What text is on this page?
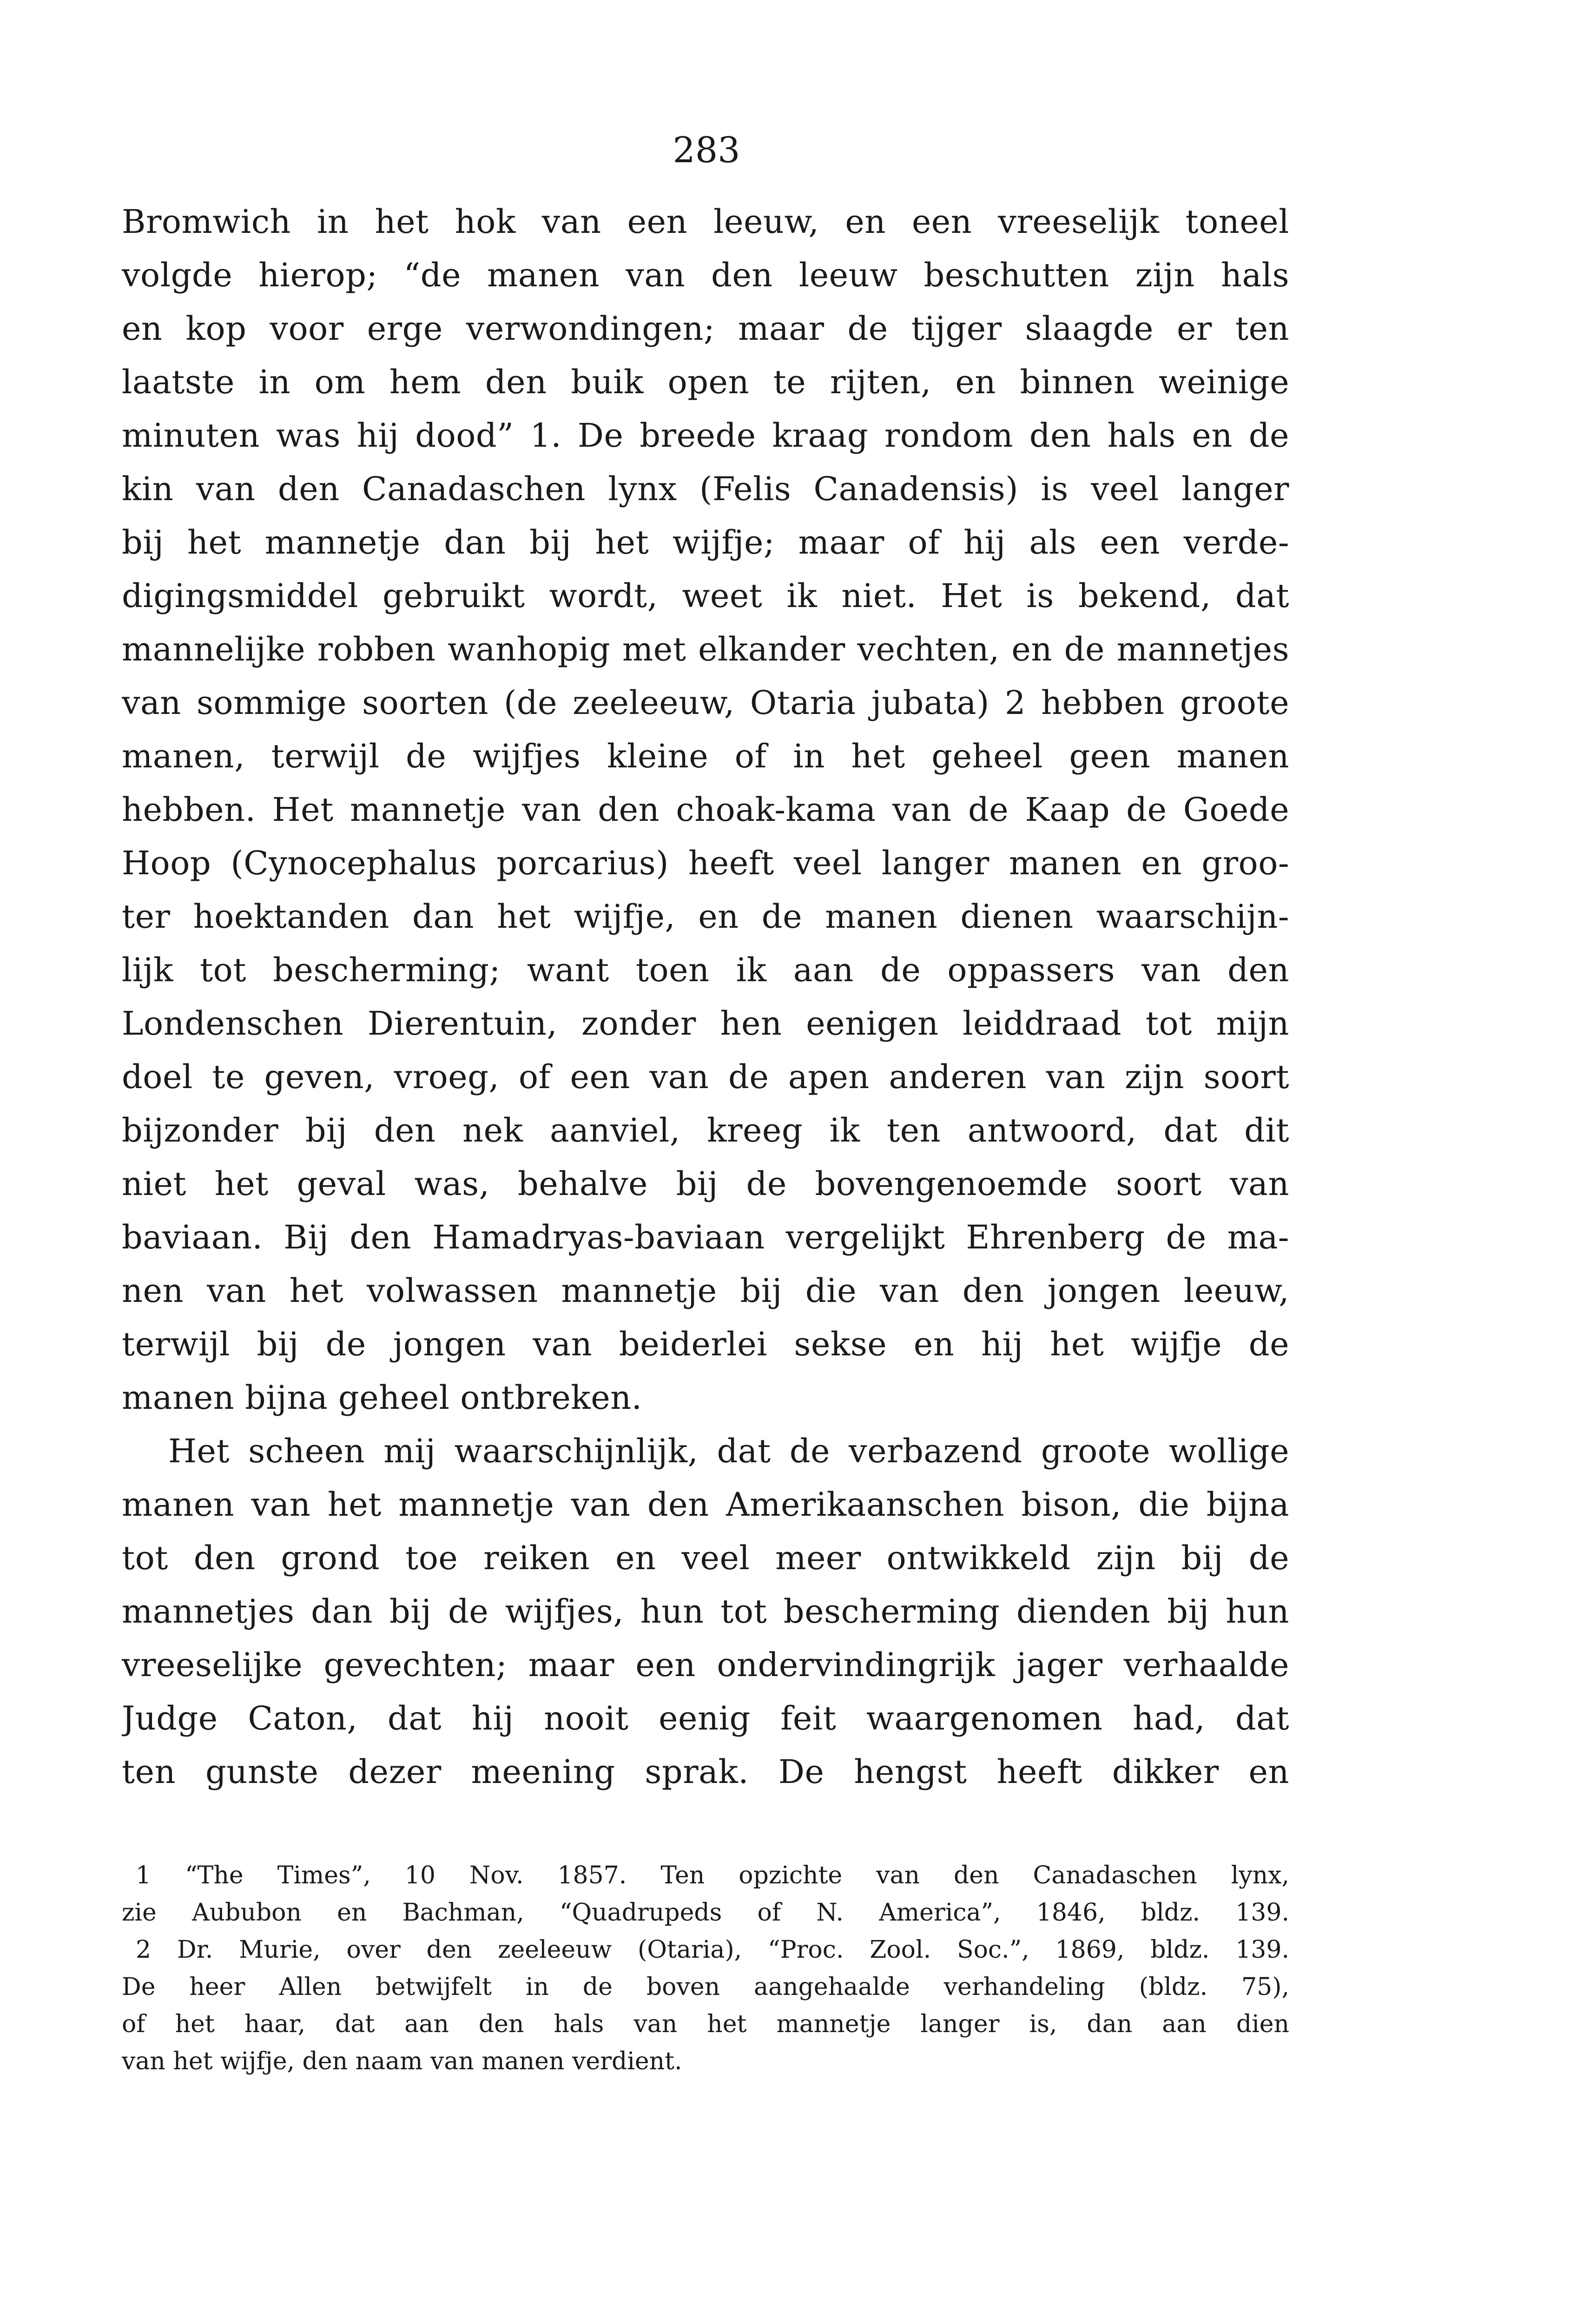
283
Bromwich in het hok van een leeuw, en een vreeselijk toneel
volgde hierop; “de manen van den leeuw beschutten zijn hals
en kop voor erge verwondingen; maar de tijger slaagde er ten
laatste in om hem den buik open te rijten, en binnen weinige
minuten was hij dood” 1. De breede kraag rondom den hals en de
kin van den Canadaschen lynx (Felis Canadensis) is veel langer
bij het mannetje dan bij het wijfje; maar of hij als een verde-
digingsmiddel gebruikt wordt, weet ik niet. Het is bekend, dat
mannelijke robben wanhopig met elkander vechten, en de mannetjes
van sommige soorten (de zeeleeuw, Otaria jubata) 2 hebben groote
manen, terwijl de wijfjes kleine of in het geheel geen manen
hebben. Het mannetje van den choak-kama van de Kaap de Goede
Hoop (Cynocephalus porcarius) heeft veel langer manen en groo-
ter hoektanden dan het wijfje, en de manen dienen waarschijn-
lijk tot bescherming; want toen ik aan de oppassers van den
Londenschen Dierentuin, zonder hen eenigen leiddraad tot mijn
doel te geven, vroeg, of een van de apen anderen van zijn soort
bijzonder bij den nek aanviel, kreeg ik ten antwoord, dat dit
niet het geval was, behalve bij de bovengenoemde soort van
baviaan. Bij den Hamadryas-baviaan vergelijkt Ehrenberg de ma-
nen van het volwassen mannetje bij die van den jongen leeuw,
terwijl bij de jongen van beiderlei sekse en hij het wijfje de
manen bijna geheel ontbreken.
Het scheen mij waarschijnlijk, dat de verbazend groote wollige
manen van het mannetje van den Amerikaanschen bison, die bijna
tot den grond toe reiken en veel meer ontwikkeld zijn bij de
mannetjes dan bij de wijfjes, hun tot bescherming dienden bij hun
vreeselijke gevechten; maar een ondervindingrijk jager verhaalde
Judge Caton, dat hij nooit eenig feit waargenomen had, dat
ten gunste dezer meening sprak. De hengst heeft dikker en
1 “The Times”, 10 Nov. 1857. Ten opzichte van den Canadaschen lynx,
zie Aububon en Bachman, “Quadrupeds of N. America”, 1846, bldz. 139.
2 Dr. Murie, over den zeeleeuw (Otaria), “Proc. Zool. Soc.”, 1869, bldz. 139.
De heer Allen betwijfelt in de boven aangehaalde verhandeling (bldz. 75),
of het haar, dat aan den hals van het mannetje langer is, dan aan dien
van het wijfje, den naam van manen verdient.
